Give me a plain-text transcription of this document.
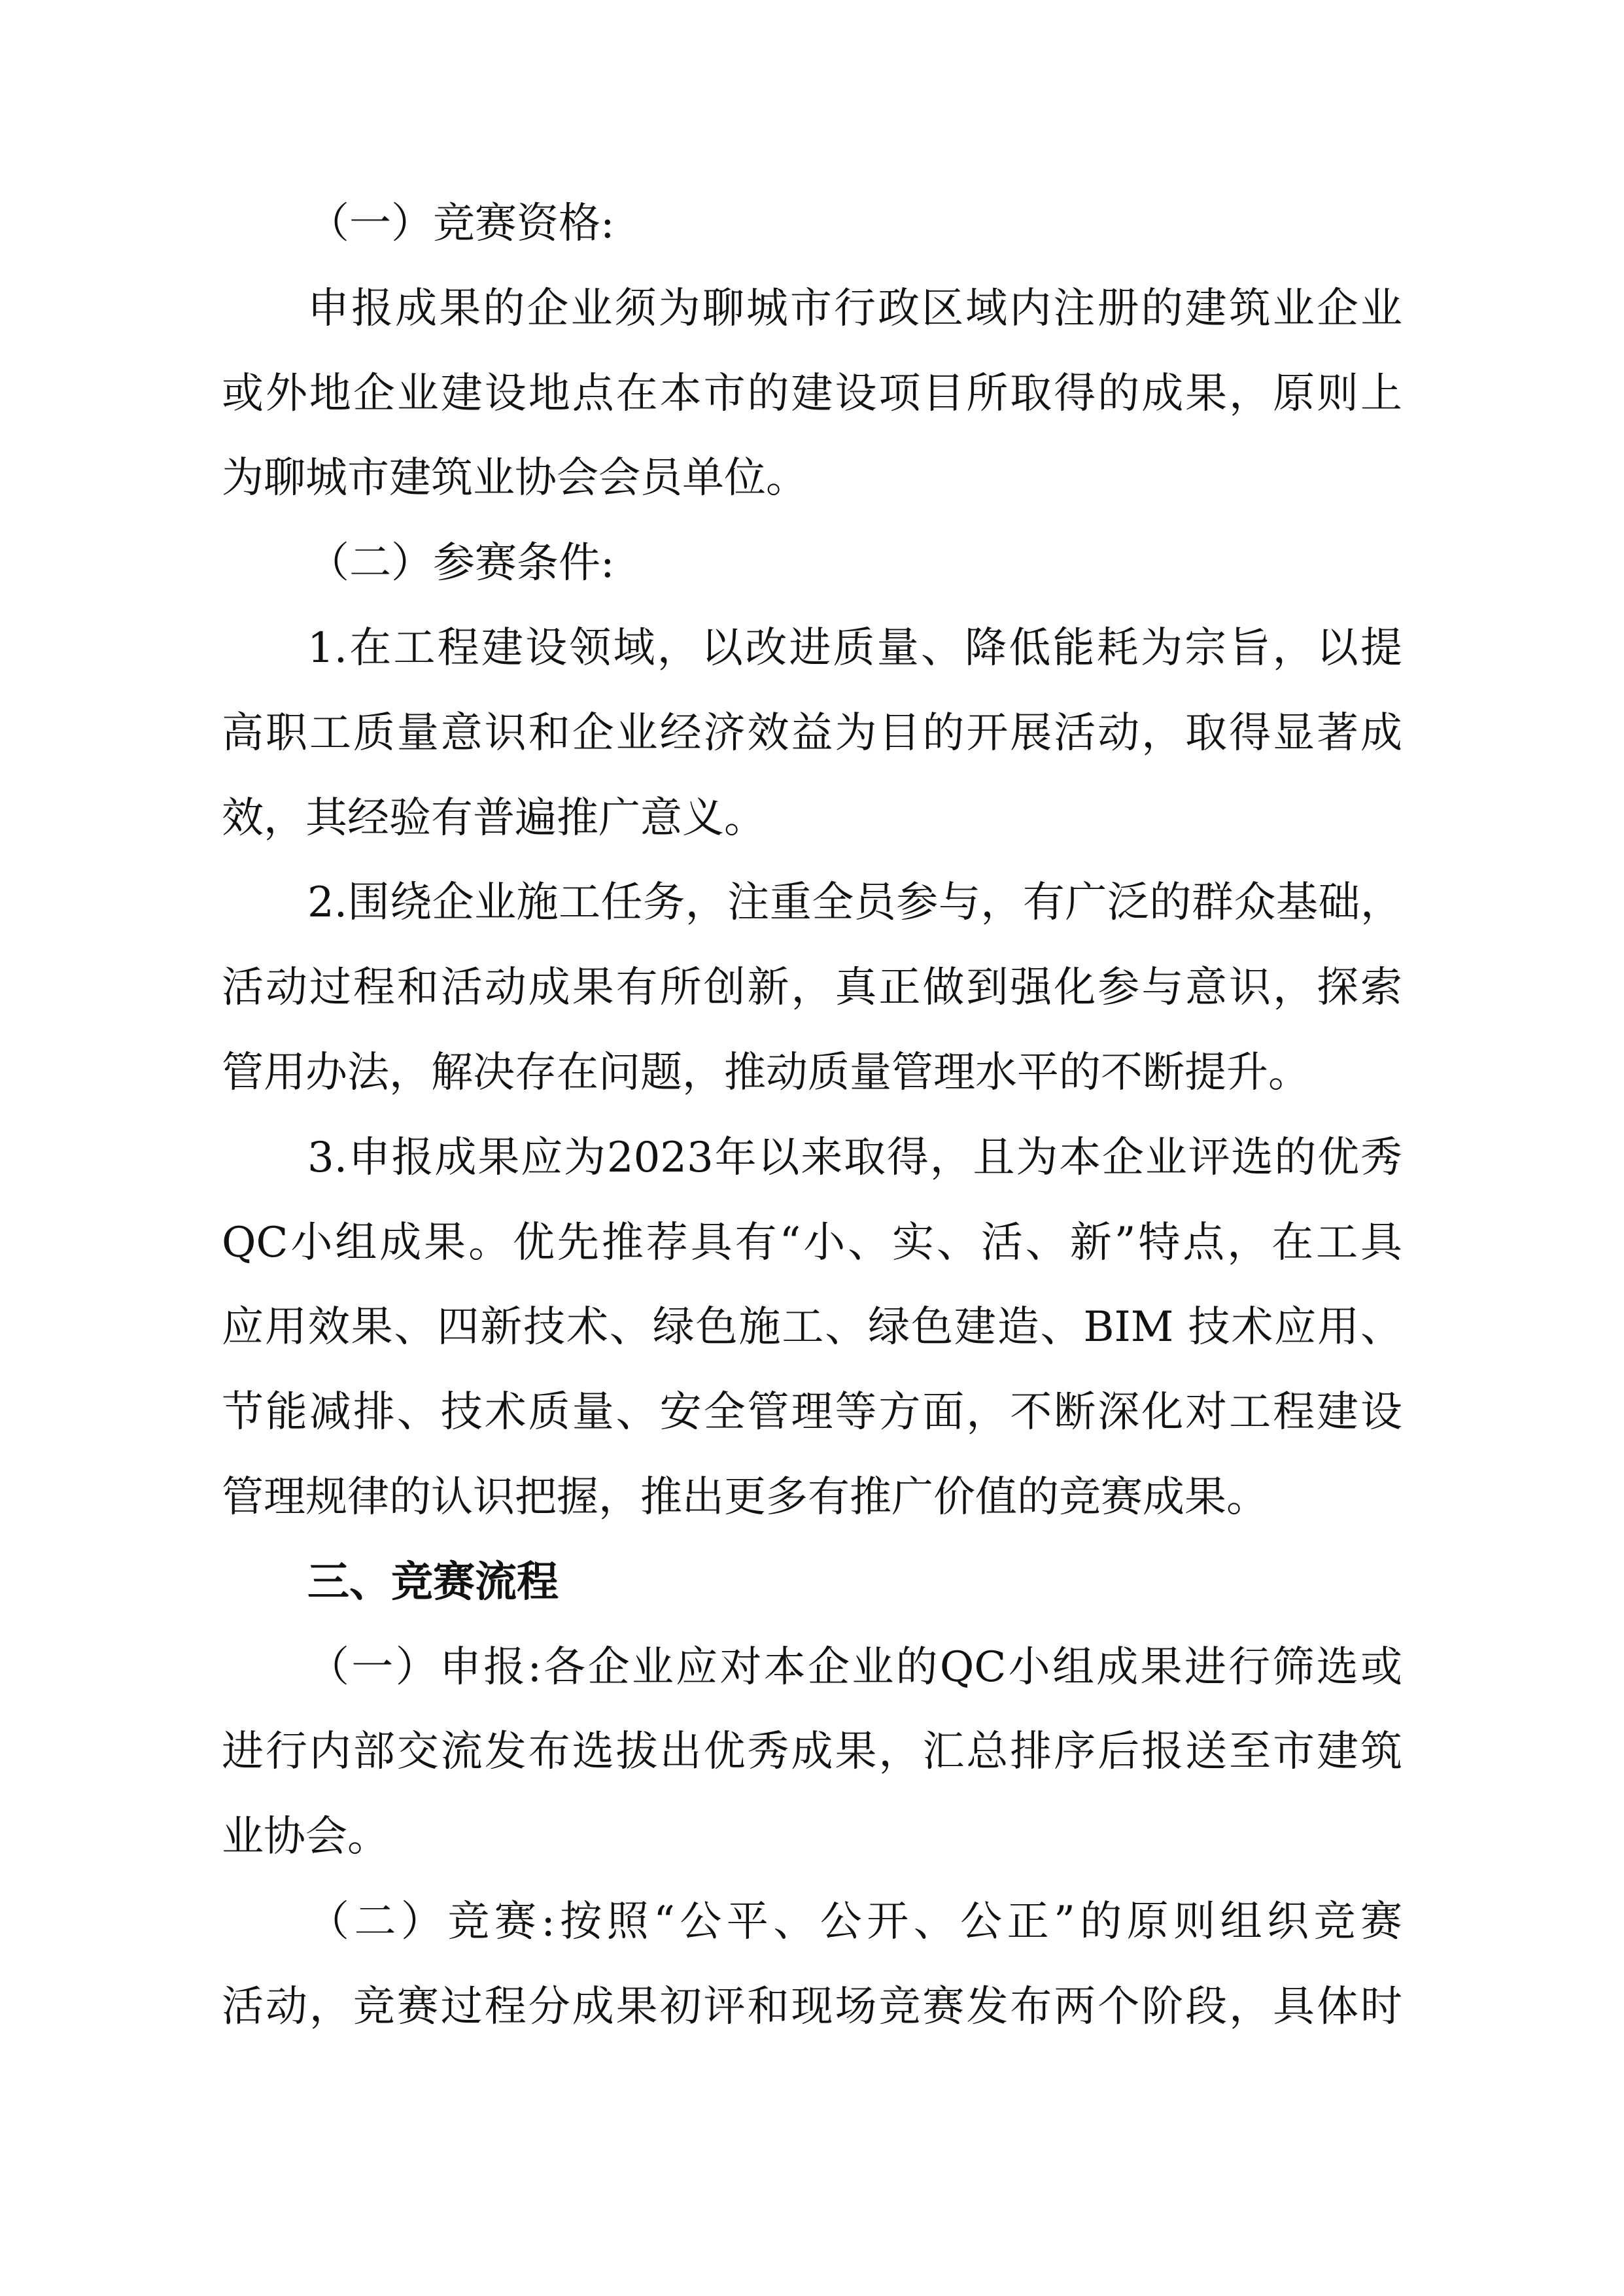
（一）竞赛资格:
申报成果的企业须为聊城市行政区域内注册的建筑业企业
或外地企业建设地点在本市的建设项目所取得的成果，原则上
为聊城市建筑业协会会员单位。
（二）参赛条件:
1.在工程建设领域，以改进质量、降低能耗为宗旨，以提
高职工质量意识和企业经济效益为目的开展活动，取得显著成
效，其经验有普遍推广意义。
2.围绕企业施工任务，注重全员参与，有广泛的群众基础，
活动过程和活动成果有所创新，真正做到强化参与意识，探索
管用办法，解决存在问题，推动质量管理水平的不断提升。
3.申报成果应为2023年以来取得，且为本企业评选的优秀
QC小组成果。优先推荐具有“小、实、活、新”特点，在工具
应用效果、四新技术、绿色施工、绿色建造、BIM 技术应用、
节能减排、技术质量、安全管理等方面，不断深化对工程建设
管理规律的认识把握，推出更多有推广价值的竞赛成果。
三、竞赛流程
（一）申报:各企业应对本企业的QC小组成果进行筛选或
进行内部交流发布选拔出优秀成果，汇总排序后报送至市建筑
业协会。
（二）竞赛:按照“公平、公开、公正”的原则组织竞赛
活动，竞赛过程分成果初评和现场竞赛发布两个阶段，具体时
